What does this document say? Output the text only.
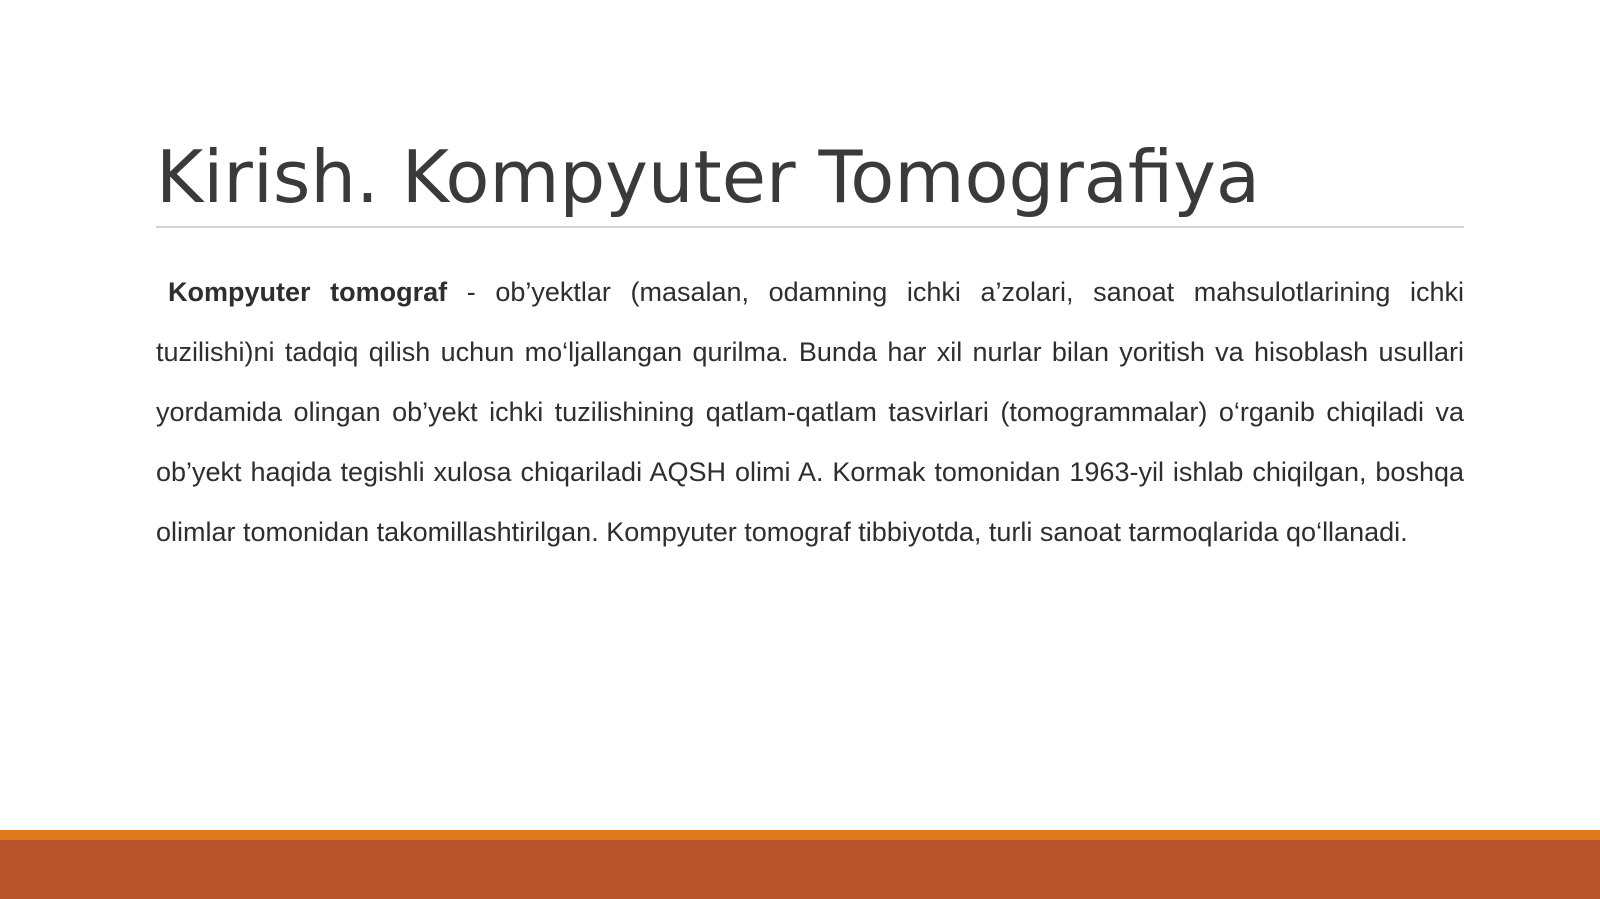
Kirish. Kompyuter Tomografiya

Kompyuter tomograf - ob’yektlar (masalan, odamning ichki a’zolari, sanoat mahsulotlarining ichki tuzilishi)ni tadqiq qilish uchun mo‘ljallangan qurilma. Bunda har xil nurlar bilan yoritish va hisoblash usullari yordamida olingan ob’yekt ichki tuzilishining qatlam-qatlam tasvirlari (tomogrammalar) o‘rganib chiqiladi va ob’yekt haqida tegishli xulosa chiqariladi AQSH olimi A. Kormak tomonidan 1963-yil ishlab chiqilgan, boshqa olimlar tomonidan takomillashtirilgan. Kompyuter tomograf tibbiyotda, turli sanoat tarmoqlarida qo‘llanadi.
